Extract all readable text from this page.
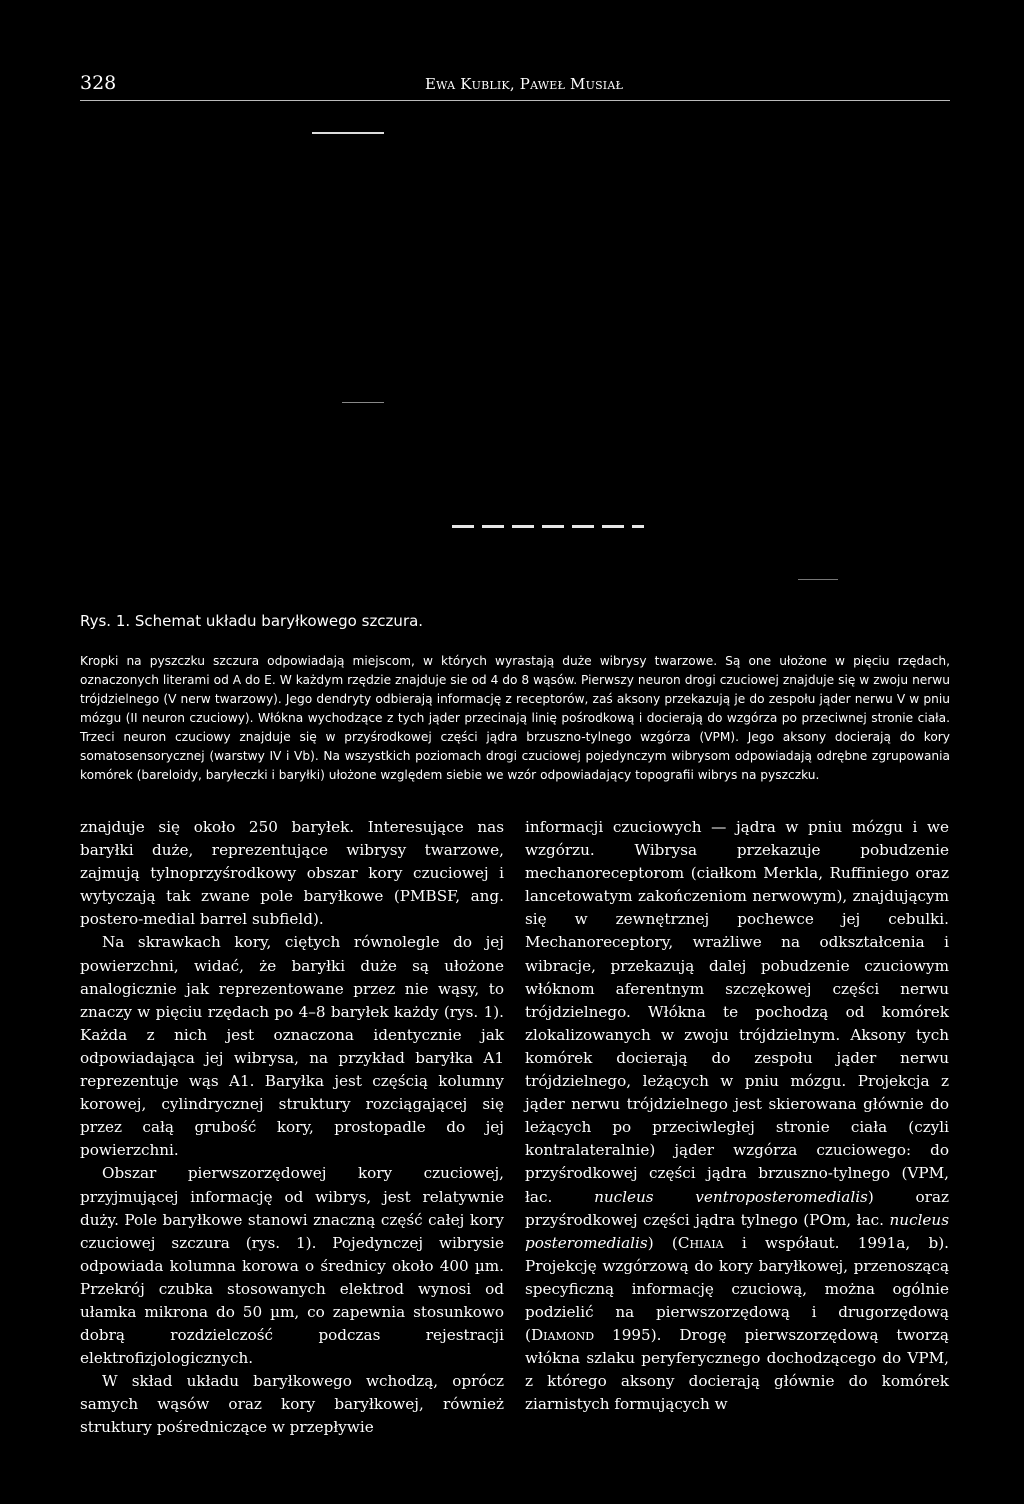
328	Ewa Kublik, Paweł Musiał

Rys. 1. Schemat układu baryłkowego szczura.

Kropki na pyszczku szczura odpowiadają miejscom, w których wyrastają duże wibrysy twarzowe. Są one ułożone w pięciu rzędach, oznaczonych literami od A do E. W każdym rzędzie znajduje sie od 4 do 8 wąsów. Pierwszy neuron drogi czuciowej znajduje się w zwoju nerwu trójdzielnego (V nerw twarzowy). Jego dendryty odbierają informację z receptorów, zaś aksony przekazują je do zespołu jąder nerwu V w pniu mózgu (II neuron czuciowy). Włókna wychodzące z tych jąder przecinają linię pośrodkową i docierają do wzgórza po przeciwnej stronie ciała. Trzeci neuron czuciowy znajduje się w przyśrodkowej części jądra brzuszno-tylnego wzgórza (VPM). Jego aksony docierają do kory somatosensorycznej (warstwy IV i Vb). Na wszystkich poziomach drogi czuciowej pojedynczym wibrysom odpowiadają odrębne zgrupowania komórek (bareloidy, baryłeczki i baryłki) ułożone względem siebie we wzór odpowiadający topografii wibrys na pyszczku.

znajduje się około 250 baryłek. Interesujące nas baryłki duże, reprezentujące wibrysy twarzowe, zajmują tylnoprzyśrodkowy obszar kory czuciowej i wytyczają tak zwane pole baryłkowe (PMBSF, ang. postero-medial barrel subfield).

Na skrawkach kory, ciętych równolegle do jej powierzchni, widać, że baryłki duże są ułożone analogicznie jak reprezentowane przez nie wąsy, to znaczy w pięciu rzędach po 4–8 baryłek każdy (rys. 1). Każda z nich jest oznaczona identycznie jak odpowiadająca jej wibrysa, na przykład baryłka A1 reprezentuje wąs A1. Baryłka jest częścią kolumny korowej, cylindrycznej struktury rozciągającej się przez całą grubość kory, prostopadle do jej powierzchni.

Obszar pierwszorzędowej kory czuciowej, przyjmującej informację od wibrys, jest relatywnie duży. Pole baryłkowe stanowi znaczną część całej kory czuciowej szczura (rys. 1). Pojedynczej wibrysie odpowiada kolumna korowa o średnicy około 400 µm. Przekrój czubka stosowanych elektrod wynosi od ułamka mikrona do 50 µm, co zapewnia stosunkowo dobrą rozdzielczość podczas rejestracji elektrofizjologicznych.

W skład układu baryłkowego wchodzą, oprócz samych wąsów oraz kory baryłkowej, również struktury pośredniczące w przepływie

informacji czuciowych — jądra w pniu mózgu i we wzgórzu. Wibrysa przekazuje pobudzenie mechanoreceptorom (ciałkom Merkla, Ruffiniego oraz lancetowatym zakończeniom nerwowym), znajdującym się w zewnętrznej pochewce jej cebulki. Mechanoreceptory, wrażliwe na odkształcenia i wibracje, przekazują dalej pobudzenie czuciowym włóknom aferentnym szczękowej części nerwu trójdzielnego. Włókna te pochodzą od komórek zlokalizowanych w zwoju trójdzielnym. Aksony tych komórek docierają do zespołu jąder nerwu trójdzielnego, leżących w pniu mózgu. Projekcja z jąder nerwu trójdzielnego jest skierowana głównie do leżących po przeciwległej stronie ciała (czyli kontralateralnie) jąder wzgórza czuciowego: do przyśrodkowej części jądra brzuszno-tylnego (VPM, łac. nucleus ventroposteromedialis) oraz przyśrodkowej części jądra tylnego (POm, łac. nucleus posteromedialis) (Chiaia i współaut. 1991a, b). Projekcję wzgórzową do kory baryłkowej, przenoszącą specyficzną informację czuciową, można ogólnie podzielić na pierwszorzędową i drugorzędową (Diamond 1995). Drogę pierwszorzędową tworzą włókna szlaku peryferycznego dochodzącego do VPM, z którego aksony docierają głównie do komórek ziarnistych formujących w
